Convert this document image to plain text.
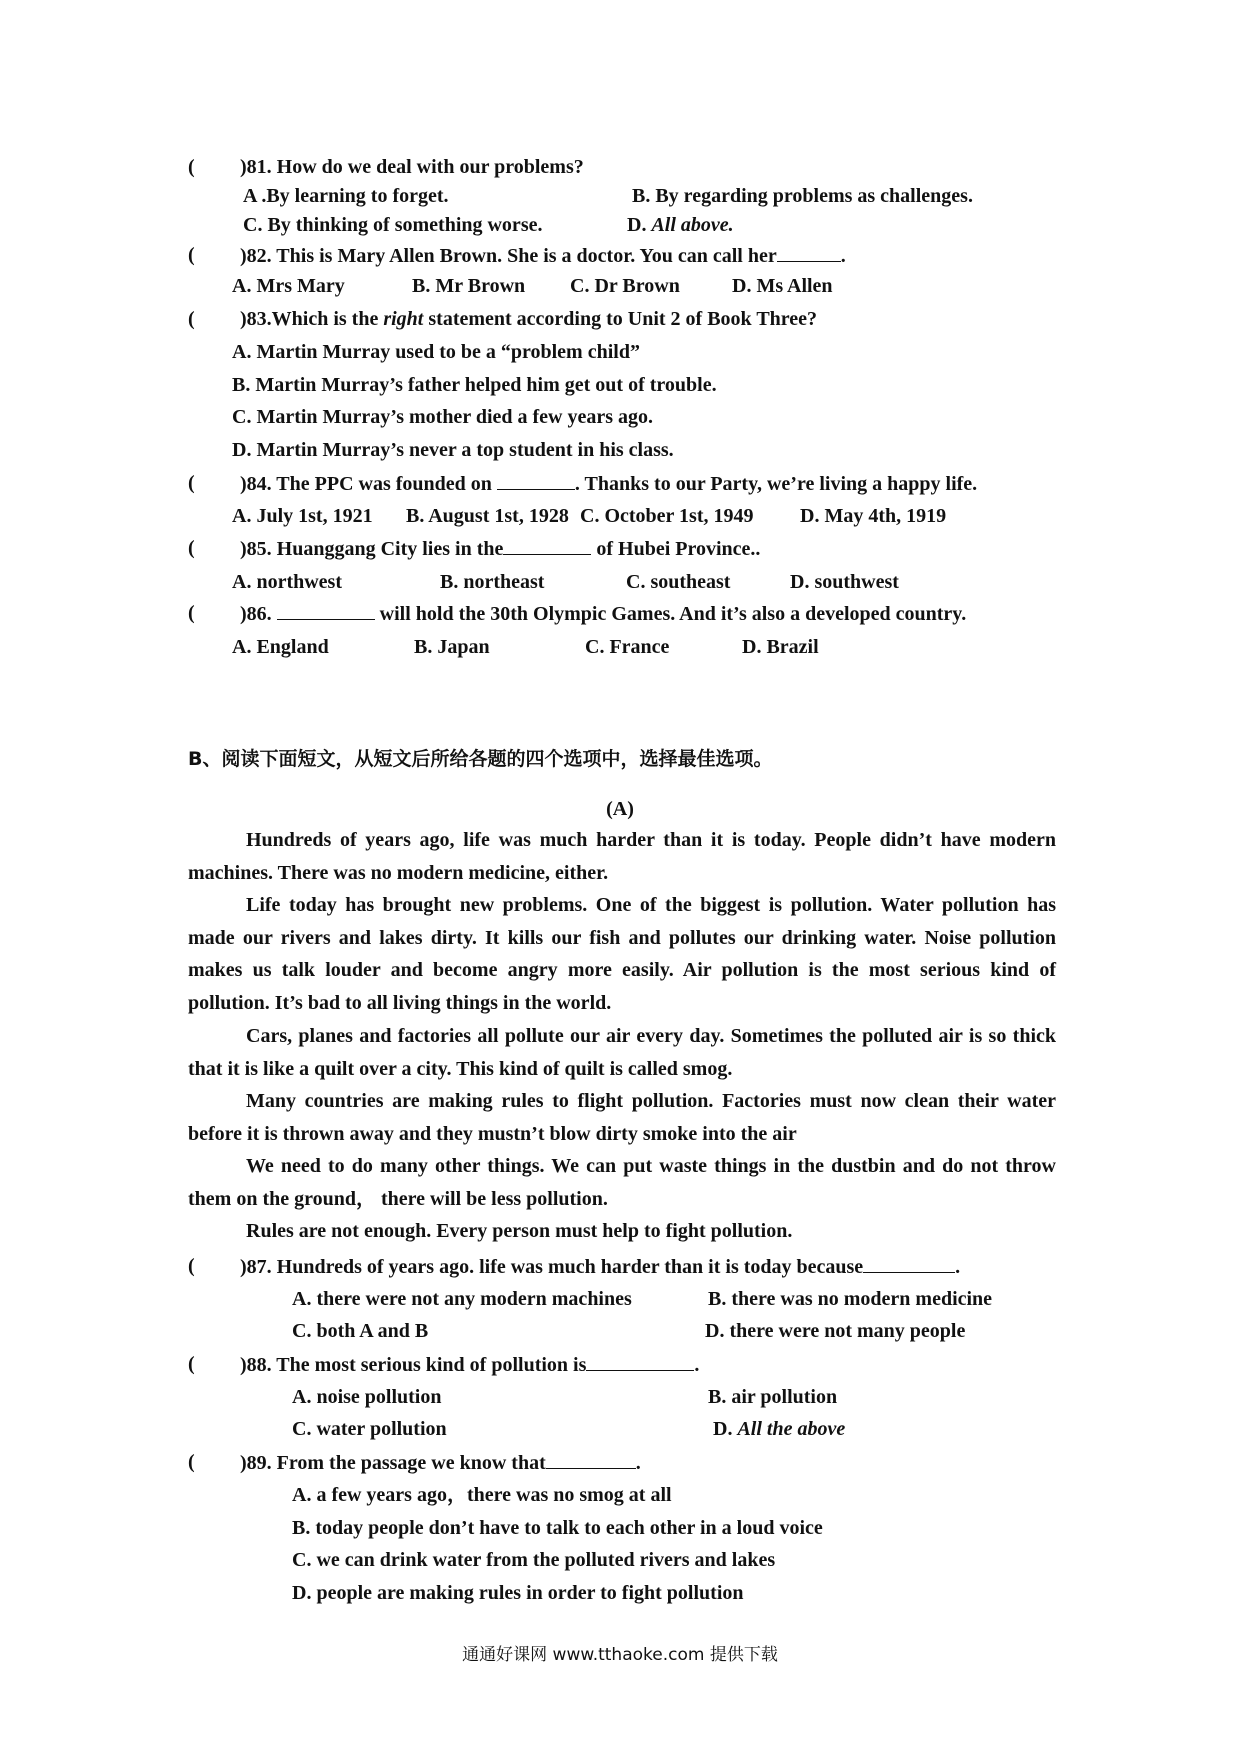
( )81. How do we deal with our problems?
A .By learning to forget.	B. By regarding problems as challenges.
C. By thinking of something worse.	D. All above.
( )82. This is Mary Allen Brown. She is a doctor. You can call her	.
A. Mrs Mary	B. Mr Brown C. Dr Brown	D. Ms Allen
( )83.Which is the right statement according to Unit 2 of Book Three?
A. Martin Murray used to be a “problem child”
B. Martin Murray’s father helped him get out of trouble.
C. Martin Murray’s mother died a few years ago.
D. Martin Murray’s never a top student in his class.
( )84. The PPC was founded on	. Thanks to our Party, we’re living a happy life.
A. July 1st, 1921 B. August 1st, 1928 C. October 1st, 1949 D. May 4th, 1919
( )85. Huanggang City lies in the	of Hubei Province..
A. northwest	B. northeast	C. southeast	D. southwest
( )86.	will hold the 30th Olympic Games. And it’s also a developed country.
A. England	B. Japan	C. France	D. Brazil
B、阅读下面短文，从短文后所给各题的四个选项中，选择最佳选项。
(A)
Hundreds of years ago, life was much harder than it is today. People didn’t have modern machines. There was no modern medicine, either.
Life today has brought new problems. One of the biggest is pollution. Water pollution has made our rivers and lakes dirty. It kills our fish and pollutes our drinking water. Noise pollution makes us talk louder and become angry more easily. Air pollution is the most serious kind of pollution. It’s bad to all living things in the world.
Cars, planes and factories all pollute our air every day. Sometimes the polluted air is so thick that it is like a quilt over a city. This kind of quilt is called smog.
Many countries are making rules to flight pollution. Factories must now clean their water before it is thrown away and they mustn’t blow dirty smoke into the air
We need to do many other things. We can put waste things in the dustbin and do not throw them on the ground， there will be less pollution.
Rules are not enough. Every person must help to fight pollution.
( )87. Hundreds of years ago. life was much harder than it is today because	.
A. there were not any modern machines	B. there was no modern medicine
C. both A and B	D. there were not many people
( )88. The most serious kind of pollution is	.
A. noise pollution	B. air pollution
C. water pollution	D. All the above
( )89. From the passage we know that	.
A. a few years ago，there was no smog at all
B. today people don’t have to talk to each other in a loud voice
C. we can drink water from the polluted rivers and lakes
D. people are making rules in order to fight pollution
通通好课网 www.tthaoke.com 提供下载
